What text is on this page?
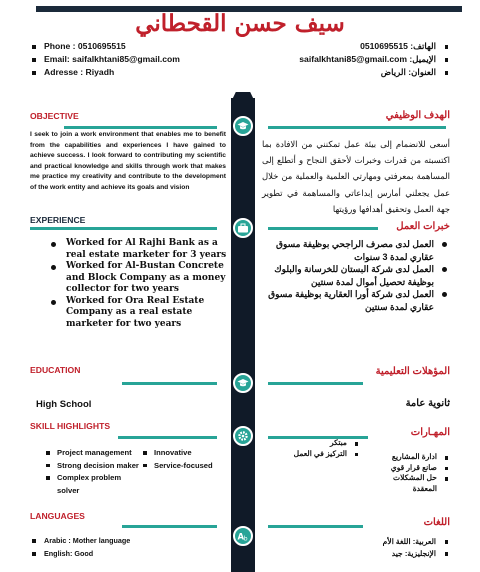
سيف حسن القحطاني
Phone : 0510695515
Email: saifalkhtani85@gmail.com
Adresse : Riyadh
الهاتف: 0510695515
الإيميل: saifalkhtani85@gmail.com
العنوان: الرياض
OBJECTIVE	الهدف الوظيفي
I seek to join a work environment that enables me to benefit from the capabilities and experiences I have gained to achieve success. I look forward to contributing my scientific and practical knowledge and skills through work that makes me practice my creativity and contribute to the development of the work entity and achieve its goals and vision
أسعى للانضمام إلى بيئة عمل تمكنني من الافادة بما اكتسبته من قدرات وخبرات لأحقق النجاح و أتطلع إلى المساهمة بمعرفتي ومهارتي العلمية والعملية من خلال عمل يجعلني أمارس إبداعاتي والمساهمة في تطوير جهة العمل وتحقيق أهدافها ورؤيتها
EXPERIENCE
خبرات العمل
Worked for Al Rajhi Bank as a real estate marketer for 3 years
Worked for Al-Bustan Concrete and Block Company as a money collector for two years
Worked for Ora Real Estate Company as a real estate marketer for two years
العمل لدى مصرف الراجحي بوظيفة مسوق عقاري لمدة 3 سنوات
العمل لدى شركة البستان للخرسانة والبلوك بوظيفة تحصيل أموال لمدة سنتين
العمل لدى شركة أورا العقارية بوظيفة مسوق عقاري لمدة سنتين
EDUCATION	المؤهلات التعليمية
High School	ثانوية عامة
SKILL HIGHLIGHTS
المهـارات
Project management
Strong decision maker
Complex problem solver
Innovative
Service-focused
ادارة المشاريع
صانع قرار قوي
حل المشكلات المعقدة
مبتكر
التركيز في العمل
A b
LANGUAGES
اللغات
Arabic : Mother language
English: Good
العربية: اللغة الأم
الإنجليزية: جيد
